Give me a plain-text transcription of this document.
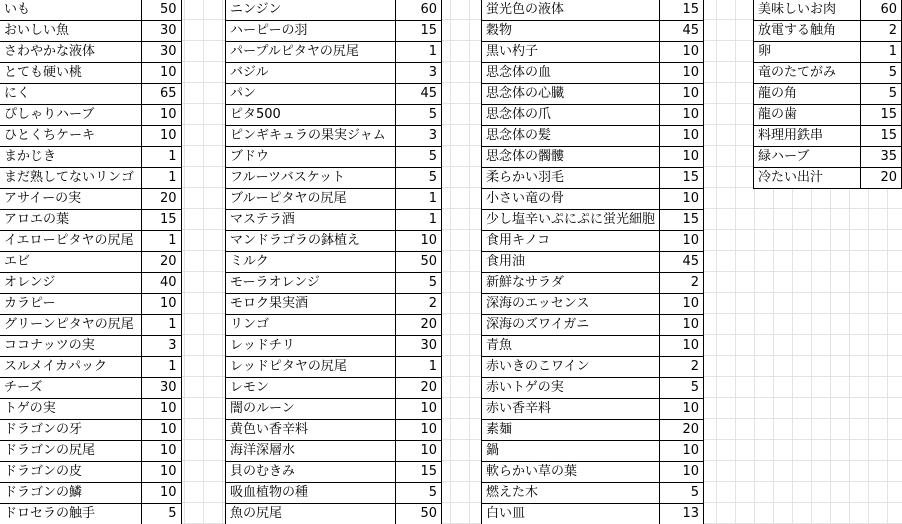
いも	50
おいしい魚	30
さわやかな液体	30
とても硬い桃	10
にく	65
ぴしゃりハーブ	10
ひとくちケーキ	10
まかじき	1
まだ熟してないリンゴ	1
アサイーの実	20
アロエの葉	15
イエローピタヤの尻尾	1
エビ	20
オレンジ	40
カラピー	10
グリーンピタヤの尻尾	1
ココナッツの実	3
スルメイカパック	1
チーズ	30
トゲの実	10
ドラゴンの牙	10
ドラゴンの尻尾	10
ドラゴンの皮	10
ドラゴンの鱗	10
ドロセラの触手	5
ニンジン	60
ハーピーの羽	15
パープルピタヤの尻尾	1
バジル	3
パン	45
ピタ500	5
ピンギキュラの果実ジャム	3
ブドウ	5
フルーツバスケット	5
ブルーピタヤの尻尾	1
マステラ酒	1
マンドラゴラの鉢植え	10
ミルク	50
モーラオレンジ	5
モロク果実酒	2
リンゴ	20
レッドチリ	30
レッドピタヤの尻尾	1
レモン	20
闇のルーン	10
黄色い香辛料	10
海洋深層水	10
貝のむきみ	15
吸血植物の種	5
魚の尻尾	50
蛍光色の液体	15
穀物	45
黒い杓子	10
思念体の血	10
思念体の心臓	10
思念体の爪	10
思念体の髪	10
思念体の髑髏	10
柔らかい羽毛	15
小さい竜の骨	10
少し塩辛いぷにぷに蛍光細胞	15
食用キノコ	10
食用油	45
新鮮なサラダ	2
深海のエッセンス	10
深海のズワイガニ	10
青魚	10
赤いきのこワイン	2
赤いトゲの実	5
赤い香辛料	10
素麺	20
鍋	10
軟らかい草の葉	10
燃えた木	5
白い皿	13
美味しいお肉	60
放電する触角	2
卵	1
竜のたてがみ	5
龍の角	5
龍の歯	15
料理用鉄串	15
緑ハーブ	35
冷たい出汁	20
